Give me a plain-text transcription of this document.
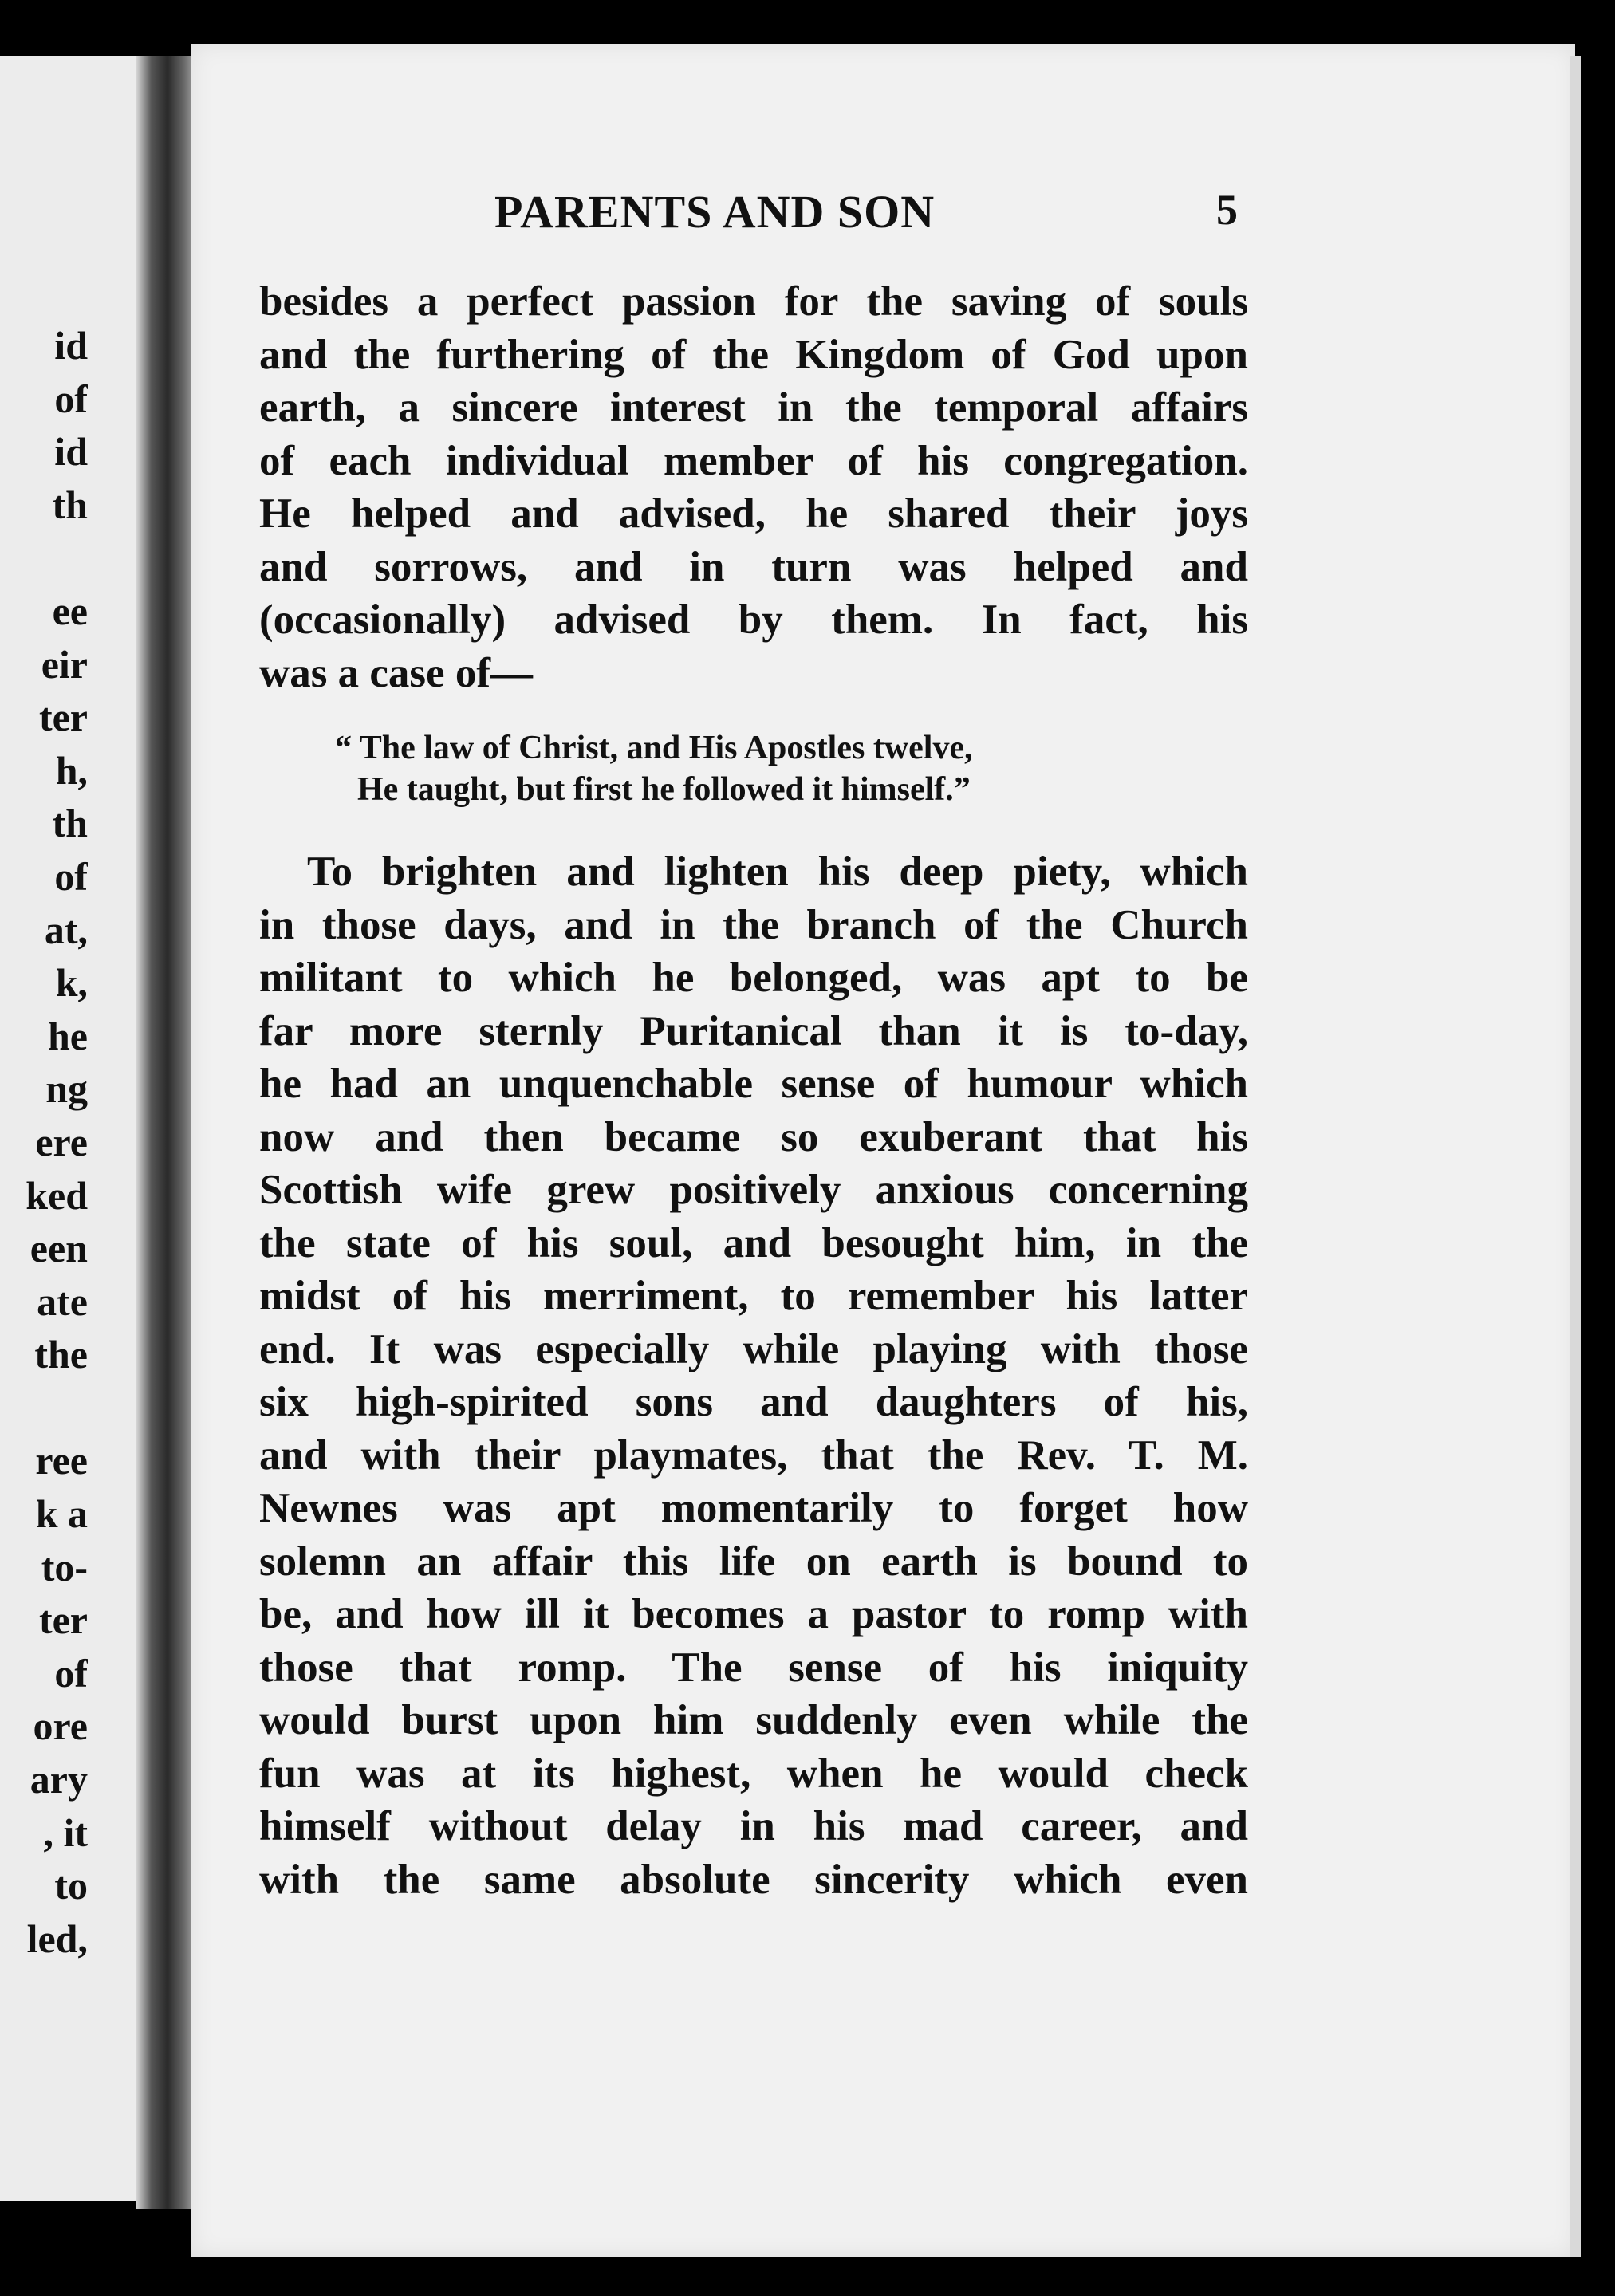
id
of
id
th
ee
eir
ter
h,
th
of
at,
k,
he
ng
ere
ked
een
ate
the
ree
k a
to-
ter
of
ore
ary
, it
to
led,
PARENTS AND SON	5
besides a perfect passion for the saving of souls
and the furthering of the Kingdom of God upon
earth, a sincere interest in the temporal affairs
of each individual member of his congregation.
He helped and advised, he shared their joys
and sorrows, and in turn was helped and
(occasionally) advised by them. In fact, his
was a case of—
“ The law of Christ, and His Apostles twelve,
He taught, but first he followed it himself.”
To brighten and lighten his deep piety, which
in those days, and in the branch of the Church
militant to which he belonged, was apt to be
far more sternly Puritanical than it is to-day,
he had an unquenchable sense of humour which
now and then became so exuberant that his
Scottish wife grew positively anxious concerning
the state of his soul, and besought him, in the
midst of his merriment, to remember his latter
end. It was especially while playing with those
six high-spirited sons and daughters of his,
and with their playmates, that the Rev. T. M.
Newnes was apt momentarily to forget how
solemn an affair this life on earth is bound to
be, and how ill it becomes a pastor to romp with
those that romp. The sense of his iniquity
would burst upon him suddenly even while the
fun was at its highest, when he would check
himself without delay in his mad career, and
with the same absolute sincerity which even
